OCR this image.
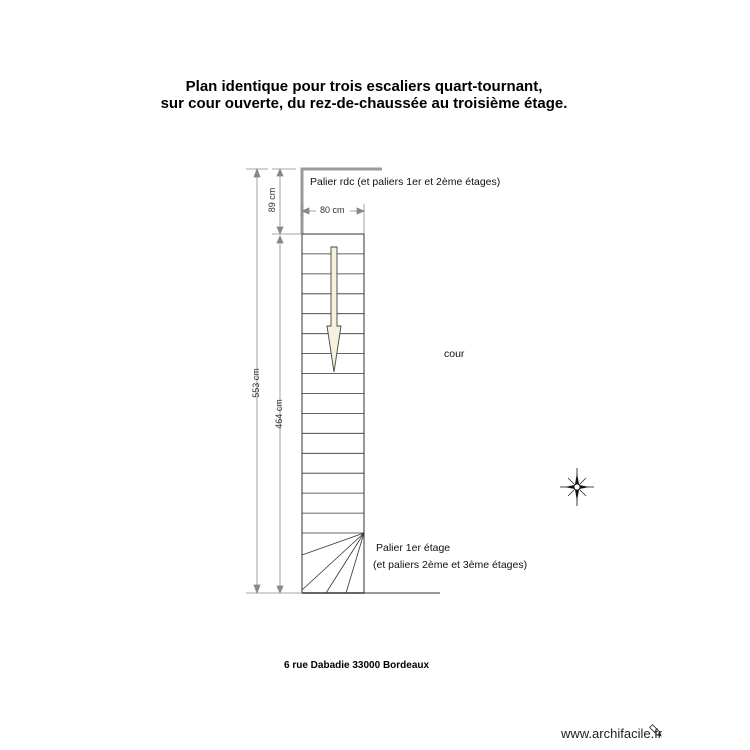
Plan identique pour trois escaliers quart-tournant,
sur cour ouverte, du rez-de-chaussée au troisième étage.
Palier rdc (et paliers 1er et 2ème étages)
Palier 1er étage
(et paliers 2ème et 3ème étages)
cour
80 cm
89 cm
553 cm
464 cm
6 rue Dabadie 33000 Bordeaux
www.archifacile.fr
